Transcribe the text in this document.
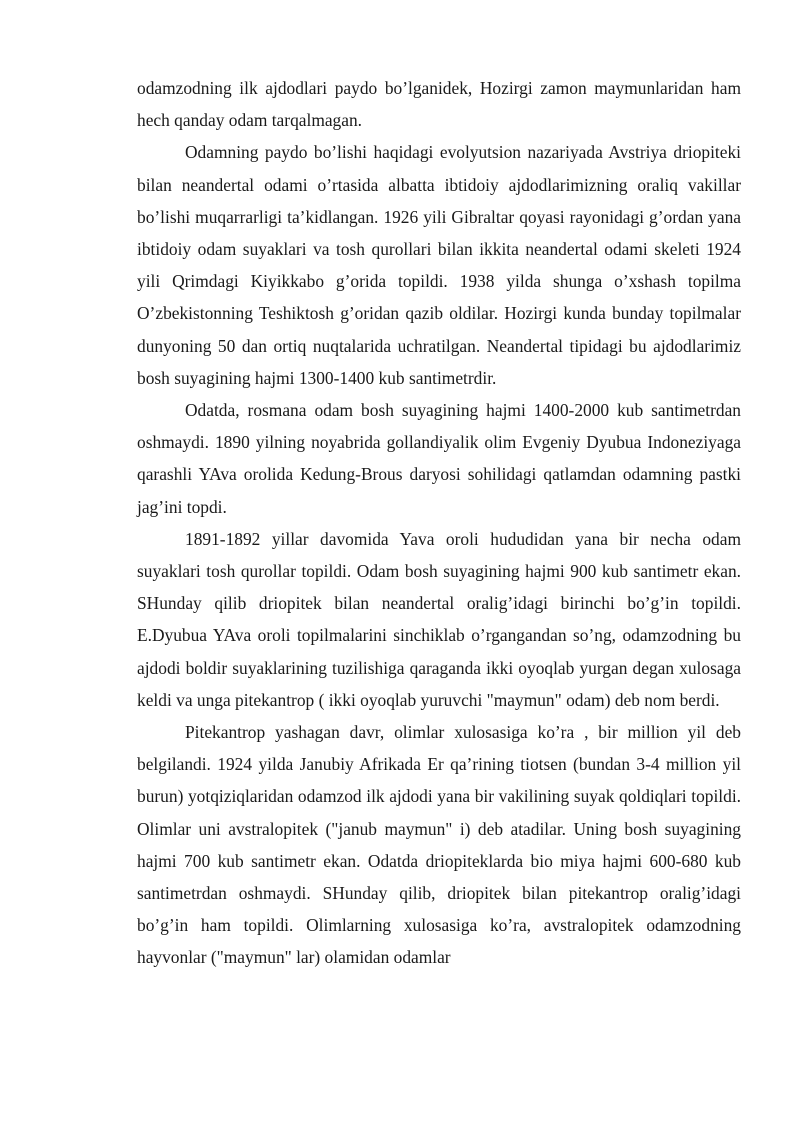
odamzodning ilk ajdodlari paydo bo’lganidek, Hozirgi zamon maymunlaridan ham hech qanday odam tarqalmagan.

Odamning paydo bo’lishi haqidagi evolyutsion nazariyada Avstriya driopiteki bilan neandertal odami o’rtasida albatta ibtidoiy ajdodlarimizning oraliq vakillar bo’lishi muqarrarligi ta’kidlangan. 1926 yili Gibraltar qoyasi rayonidagi g’ordan yana ibtidoiy odam suyaklari va tosh qurollari bilan ikkita neandertal odami skeleti 1924 yili Qrimdagi Kiyikkabo g’orida topildi. 1938 yilda shunga o’xshash topilma O’zbekistonning Teshiktosh g’oridan qazib oldilar. Hozirgi kunda bunday topilmalar dunyoning 50 dan ortiq nuqtalarida uchratilgan. Neandertal tipidagi bu ajdodlarimiz bosh suyagining hajmi 1300-1400 kub santimetrdir.

Odatda, rosmana odam bosh suyagining hajmi 1400-2000 kub santimetrdan oshmaydi. 1890 yilning noyabrida gollandiyalik olim Evgeniy Dyubua Indoneziyaga qarashli YAva orolida Kedung-Brous daryosi sohilidagi qatlamdan odamning pastki jag’ini topdi.

1891-1892 yillar davomida Yava oroli hududidan yana bir necha odam suyaklari tosh qurollar topildi. Odam bosh suyagining hajmi 900 kub santimetr ekan. SHunday qilib driopitek bilan neandertal oralig’idagi birinchi bo’g’in topildi. E.Dyubua YAva oroli topilmalarini sinchiklab o’rgangandan so’ng, odamzodning bu ajdodi boldir suyaklarining tuzilishiga qaraganda ikki oyoqlab yurgan degan xulosaga keldi va unga pitekantrop ( ikki oyoqlab yuruvchi "maymun" odam) deb nom berdi.

Pitekantrop yashagan davr, olimlar xulosasiga ko’ra , bir million yil deb belgilandi. 1924 yilda Janubiy Afrikada Er qa’rining tiotsen (bundan 3-4 million yil burun) yotqiziqlaridan odamzod ilk ajdodi yana bir vakilining suyak qoldiqlari topildi. Olimlar uni avstralopitek ("janub maymun" i) deb atadilar. Uning bosh suyagining hajmi 700 kub santimetr ekan. Odatda driopiteklarda bio miya hajmi 600-680 kub santimetrdan oshmaydi. SHunday qilib, driopitek bilan pitekantrop oralig’idagi bo’g’in ham topildi. Olimlarning xulosasiga ko’ra, avstralopitek odamzodning hayvonlar ("maymun" lar) olamidan odamlar
